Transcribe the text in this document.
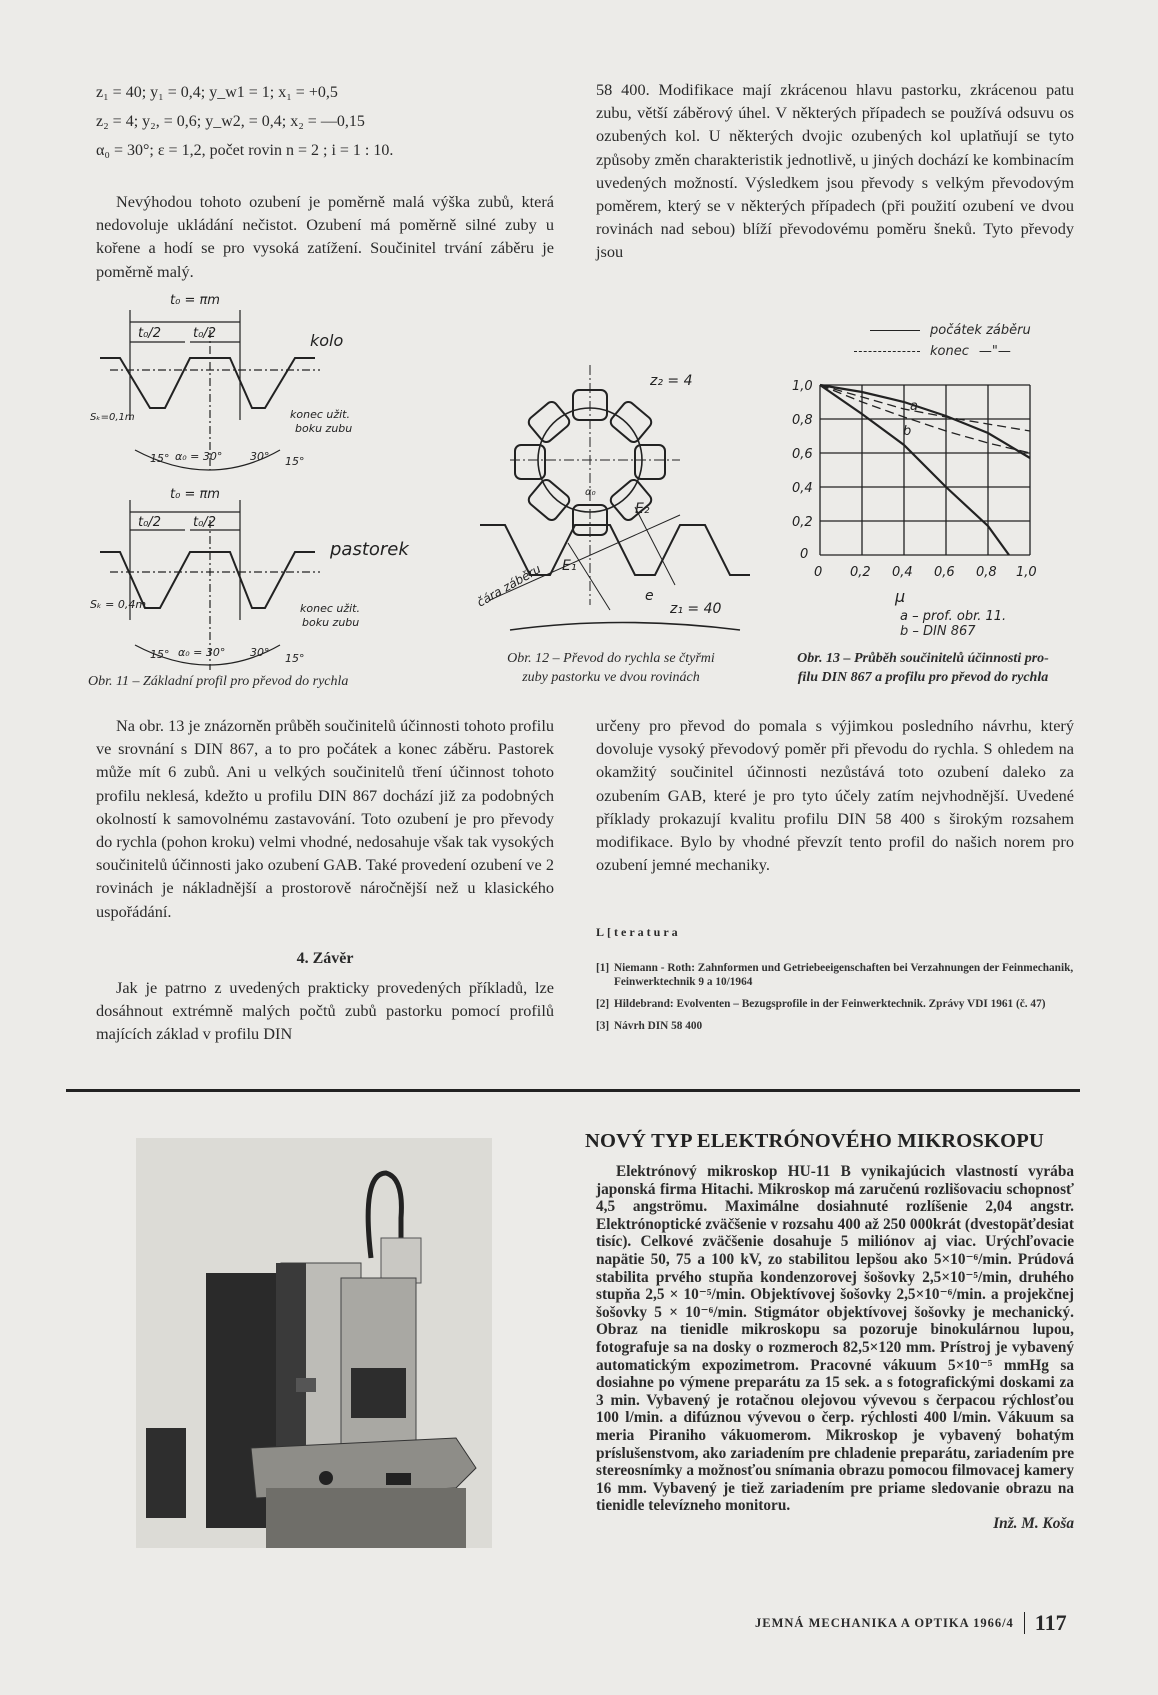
z₁ = 40; y₁ = 0,4; y_w1 = 1; x₁ = +0,5
z₂ = 4; y₂, = 0,6; y_w2, = 0,4; x₂ = —0,15
α₀ = 30°; ε = 1,2, počet rovin n = 2 ; i = 1 : 10.

Nevýhodou tohoto ozubení je poměrně malá výška zubů, která nedovoluje ukládání nečistot. Ozubení má poměrně silné zuby u kořene a hodí se pro vysoká zatížení. Součinitel trvání záběru je poměrně malý.

58 400. Modifikace mají zkrácenou hlavu pastorku, zkrácenou patu zubu, větší záběrový úhel. V některých případech se používá odsuvu os ozubených kol. U některých dvojic ozubených kol uplatňují se tyto způsoby změn charakteristik jednotlivě, u jiných dochází ke kombinacím uvedených možností. Výsledkem jsou převody s velkým převodovým poměrem, který se v některých případech (při použití ozubení ve dvou rovinách nad sebou) blíží převodovému poměru šneků. Tyto převody jsou

t₀ = πm
t₀/2 t₀/2	kolo
Sₖ=0,1m	konec užit.
boku zubu
15° α₀ = 30°	30° 15°
t₀ = πm
t₀/2 t₀/2
pastorek
Sₖ = 0,4m	konec užit.
boku zubu
15° α₀ = 30° 30° 15°
Obr. 11 – Základní profil pro převod do rychla
z₂ = 4
z₁ = 40
α₀
E₁
E₂
e
čára záběru
Obr. 12 – Převod do rychla se čtyřmi
zuby pastorku ve dvou rovinách
počátek záběru
konec —"—
1,0
0,8
0,6
0,4
0,2
0
0 0,2 0,4 0,6 0,8 1,0
a
b
μ
a – prof. obr. 11.
b – DIN 867
Obr. 13 – Průběh součinitelů účinnosti pro-
filu DIN 867 a profilu pro převod do rychla

Na obr. 13 je znázorněn průběh součinitelů účinnosti tohoto profilu ve srovnání s DIN 867, a to pro počátek a konec záběru. Pastorek může mít 6 zubů. Ani u velkých součinitelů tření účinnost tohoto profilu neklesá, kdežto u profilu DIN 867 dochází již za podobných okolností k samovolnému zastavování. Toto ozubení je pro převody do rychla (pohon kroku) velmi vhodné, nedosahuje však tak vysokých součinitelů účinnosti jako ozubení GAB. Také provedení ozubení ve 2 rovinách je nákladnější a prostorově náročnější než u klasického uspořádání.

4. Závěr

Jak je patrno z uvedených prakticky provedených příkladů, lze dosáhnout extrémně malých počtů zubů pastorku pomocí profilů majících základ v profilu DIN

určeny pro převod do pomala s výjimkou posledního návrhu, který dovoluje vysoký převodový poměr při převodu do rychla. S ohledem na okamžitý součinitel účinnosti nezůstává toto ozubení daleko za ozubením GAB, které je pro tyto účely zatím nejvhodnější. Uvedené příklady prokazují kvalitu profilu DIN 58 400 s širokým rozsahem modifikace. Bylo by vhodné převzít tento profil do našich norem pro ozubení jemné mechaniky.

L[teratura
[1] Niemann - Roth: Zahnformen und Getriebeeigenschaften bei Verzahnungen der Feinmechanik, Feinwerktechnik 9 a 10/1964
[2] Hildebrand: Evolventen – Bezugsprofile in der Feinwerktechnik. Zprávy VDI 1961 (č. 47)
[3] Návrh DIN 58 400
NOVÝ TYP ELEKTRÓNOVÉHO MIKROSKOPU

Elektrónový mikroskop HU-11 B vynikajúcich vlastností vyrába japonská firma Hitachi. Mikroskop má zaručenú rozlišovaciu schopnosť 4,5 angströmu. Maximálne dosiahnuté rozlíšenie 2,04 angstr. Elektrónoptické zväčšenie v rozsahu 400 až 250 000krát (dvestopäťdesiat tisíc). Celkové zväčšenie dosahuje 5 miliónov aj viac. Urýchľovacie napätie 50, 75 a 100 kV, zo stabilitou lepšou ako 5×10⁻⁶/min. Prúdová stabilita prvého stupňa kondenzorovej šošovky 2,5×10⁻⁵/min, druhého stupňa 2,5 × 10⁻⁵/min. Objektívovej šošovky 2,5×10⁻⁶/min. a projekčnej šošovky 5 × 10⁻⁶/min. Stigmátor objektívovej šošovky je mechanický. Obraz na tienidle mikroskopu sa pozoruje binokulárnou lupou, fotografuje sa na dosky o rozmeroch 82,5×120 mm. Prístroj je vybavený automatickým expozimetrom. Pracovné vákuum 5×10⁻⁵ mmHg sa dosiahne po výmene preparátu za 15 sek. a s fotografickými doskami za 3 min. Vybavený je rotačnou olejovou vývevou s čerpacou rýchlosťou 100 l/min. a difúznou vývevou o čerp. rýchlosti 400 l/min. Vákuum sa meria Piraniho vákuomerom. Mikroskop je vybavený bohatým príslušenstvom, ako zariadením pre chladenie preparátu, zariadením pre stereosnímky a možnosťou snímania obrazu pomocou filmovacej kamery 16 mm. Vybavený je tiež zariadením pre priame sledovanie obrazu na tienidle televízneho monitoru.

Inž. M. Koša
JEMNÁ MECHANIKA A OPTIKA 1966/4 117
